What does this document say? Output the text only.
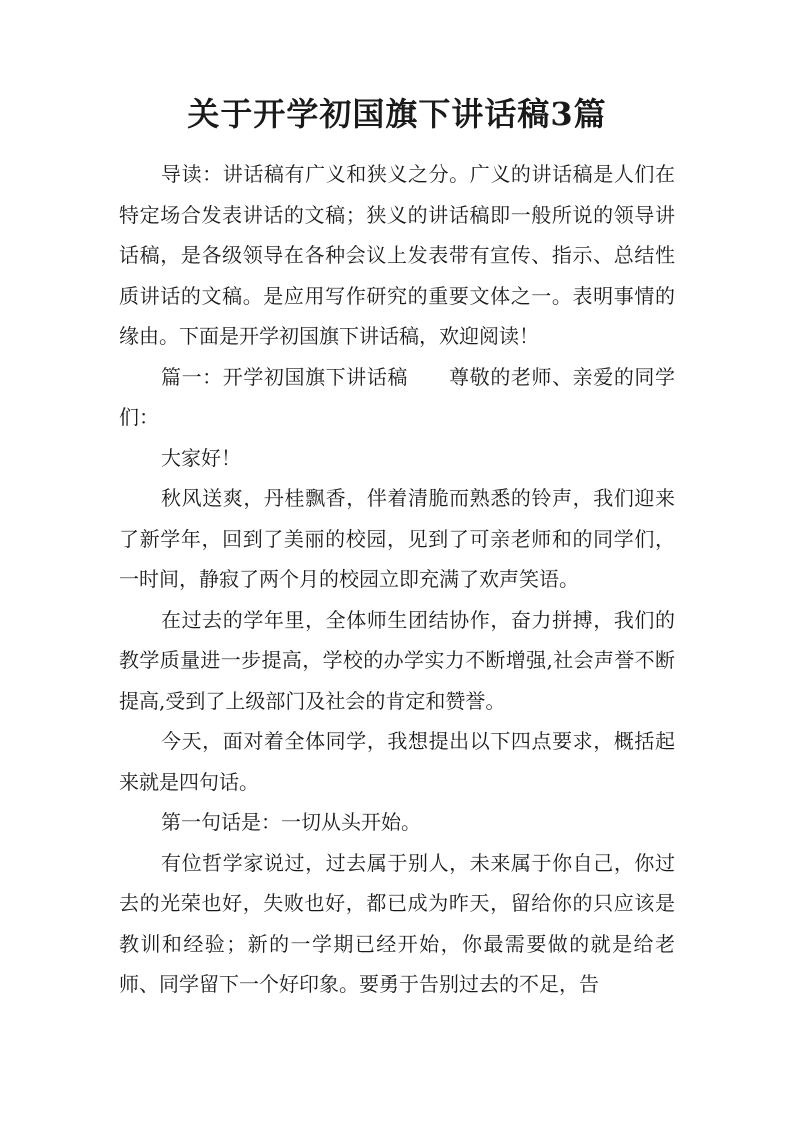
关于开学初国旗下讲话稿3篇

导读：讲话稿有广义和狭义之分。广义的讲话稿是人们在特定场合发表讲话的文稿；狭义的讲话稿即一般所说的领导讲话稿，是各级领导在各种会议上发表带有宣传、指示、总结性质讲话的文稿。是应用写作研究的重要文体之一。表明事情的缘由。下面是开学初国旗下讲话稿，欢迎阅读！

篇一：开学初国旗下讲话稿　　尊敬的老师、亲爱的同学们：

大家好！

秋风送爽，丹桂飘香，伴着清脆而熟悉的铃声，我们迎来了新学年，回到了美丽的校园，见到了可亲老师和的同学们，一时间，静寂了两个月的校园立即充满了欢声笑语。

在过去的学年里，全体师生团结协作，奋力拼搏，我们的教学质量进一步提高，学校的办学实力不断增强,社会声誉不断提高,受到了上级部门及社会的肯定和赞誉。

今天，面对着全体同学，我想提出以下四点要求，概括起来就是四句话。

第一句话是：一切从头开始。

有位哲学家说过，过去属于别人，未来属于你自己，你过去的光荣也好，失败也好，都已成为昨天，留给你的只应该是教训和经验；新的一学期已经开始，你最需要做的就是给老师、同学留下一个好印象。要勇于告别过去的不足，告
